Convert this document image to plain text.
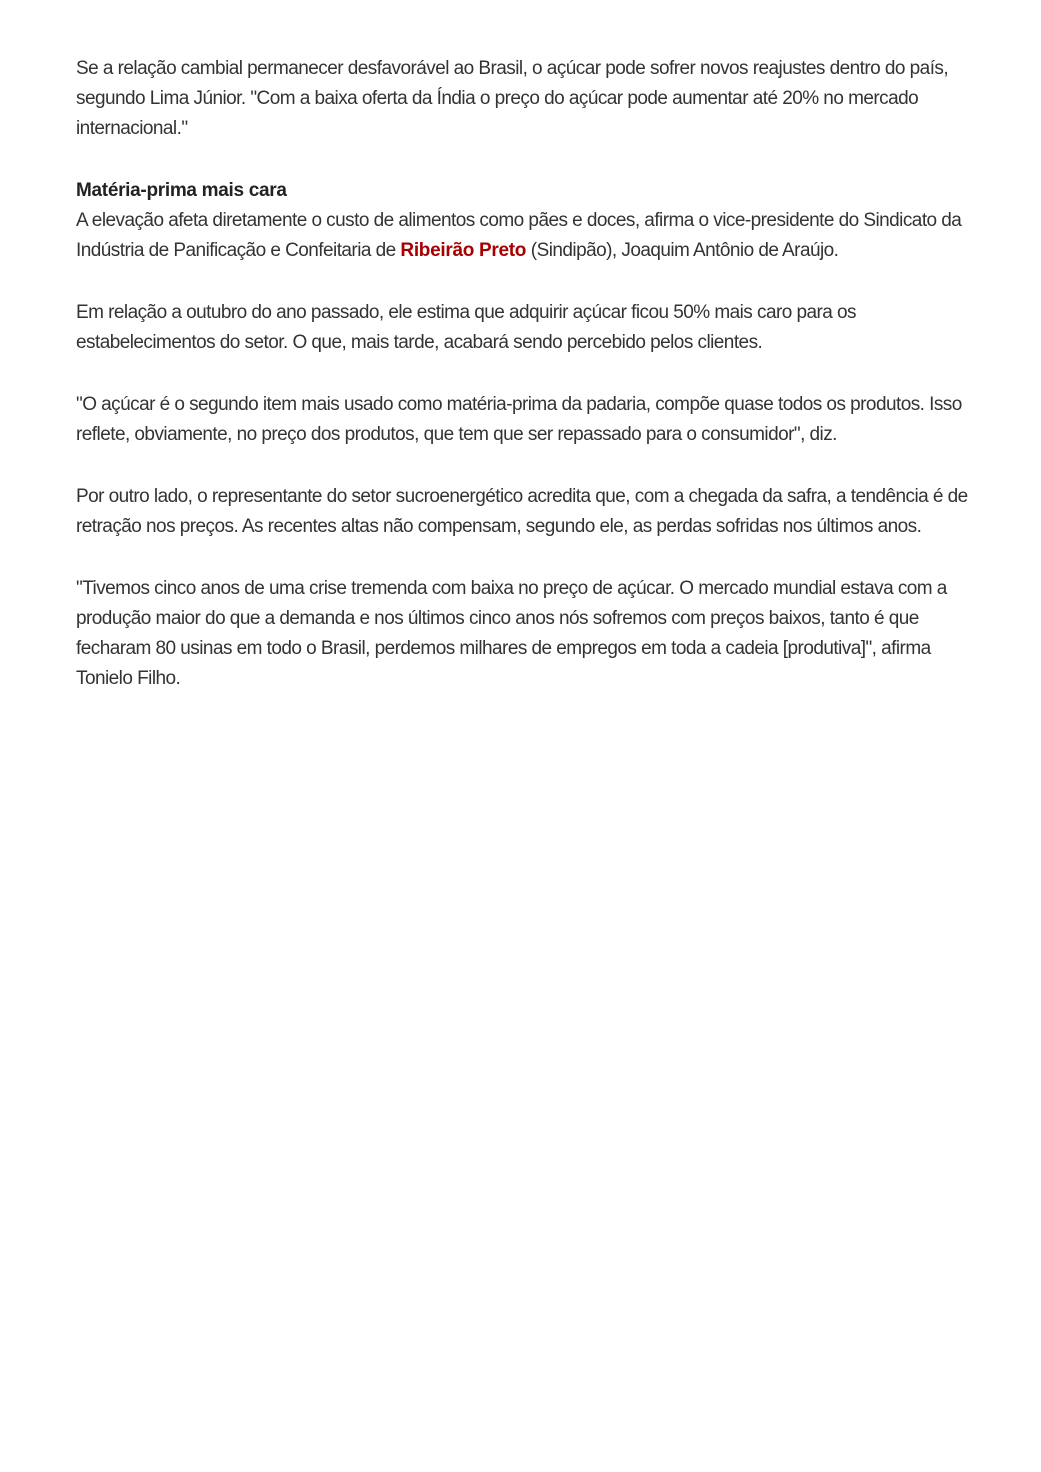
Se a relação cambial permanecer desfavorável ao Brasil, o açúcar pode sofrer novos reajustes dentro do país, segundo Lima Júnior. "Com a baixa oferta da Índia o preço do açúcar pode aumentar até 20% no mercado internacional."

Matéria-prima mais cara
A elevação afeta diretamente o custo de alimentos como pães e doces, afirma o vice-presidente do Sindicato da Indústria de Panificação e Confeitaria de Ribeirão Preto (Sindipão), Joaquim Antônio de Araújo.

Em relação a outubro do ano passado, ele estima que adquirir açúcar ficou 50% mais caro para os estabelecimentos do setor. O que, mais tarde, acabará sendo percebido pelos clientes.

"O açúcar é o segundo item mais usado como matéria-prima da padaria, compõe quase todos os produtos. Isso reflete, obviamente, no preço dos produtos, que tem que ser repassado para o consumidor", diz.

Por outro lado, o representante do setor sucroenergético acredita que, com a chegada da safra, a tendência é de retração nos preços. As recentes altas não compensam, segundo ele, as perdas sofridas nos últimos anos.

"Tivemos cinco anos de uma crise tremenda com baixa no preço de açúcar. O mercado mundial estava com a produção maior do que a demanda e nos últimos cinco anos nós sofremos com preços baixos, tanto é que fecharam 80 usinas em todo o Brasil, perdemos milhares de empregos em toda a cadeia [produtiva]", afirma Tonielo Filho.
